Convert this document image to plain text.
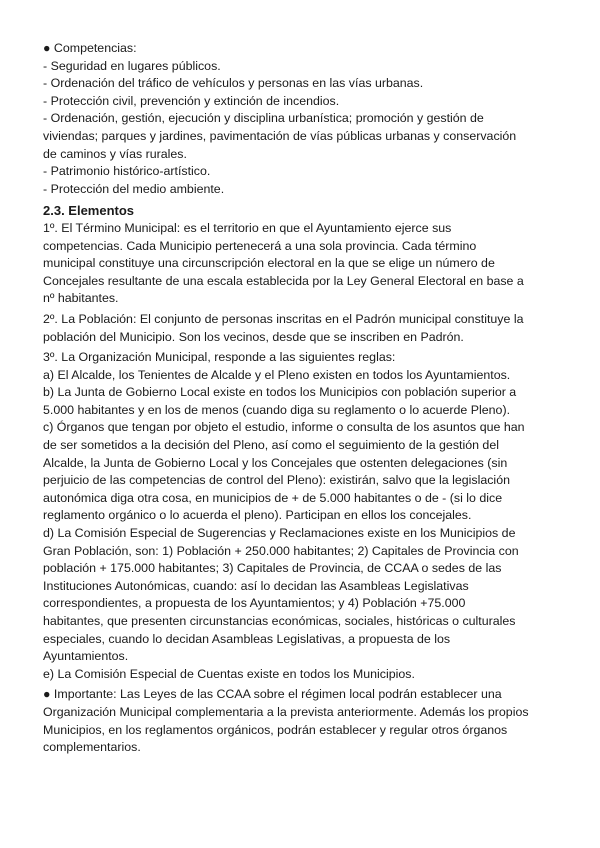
● Competencias:

- Seguridad en lugares públicos.

- Ordenación del tráfico de vehículos y personas en las vías urbanas.

- Protección civil, prevención y extinción de incendios.

- Ordenación, gestión, ejecución y disciplina urbanística; promoción y gestión de

viviendas; parques y jardines, pavimentación de vías públicas urbanas y conservación

de caminos y vías rurales.

- Patrimonio histórico-artístico.

- Protección del medio ambiente.

2.3. Elementos

1º. El Término Municipal: es el territorio en que el Ayuntamiento ejerce sus

competencias. Cada Municipio pertenecerá a una sola provincia. Cada término

municipal constituye una circunscripción electoral en la que se elige un número de

Concejales resultante de una escala establecida por la Ley General Electoral en base a

nº habitantes.

2º. La Población: El conjunto de personas inscritas en el Padrón municipal constituye la

población del Municipio. Son los vecinos, desde que se inscriben en Padrón.

3º. La Organización Municipal, responde a las siguientes reglas:

a) El Alcalde, los Tenientes de Alcalde y el Pleno existen en todos los Ayuntamientos.

b) La Junta de Gobierno Local existe en todos los Municipios con población superior a

5.000 habitantes y en los de menos (cuando diga su reglamento o lo acuerde Pleno).

c) Órganos que tengan por objeto el estudio, informe o consulta de los asuntos que han

de ser sometidos a la decisión del Pleno, así como el seguimiento de la gestión del

Alcalde, la Junta de Gobierno Local y los Concejales que ostenten delegaciones (sin

perjuicio de las competencias de control del Pleno): existirán, salvo que la legislación

autonómica diga otra cosa, en municipios de + de 5.000 habitantes o de - (si lo dice

reglamento orgánico o lo acuerda el pleno). Participan en ellos los concejales.

d) La Comisión Especial de Sugerencias y Reclamaciones existe en los Municipios de

Gran Población, son: 1) Población + 250.000 habitantes; 2) Capitales de Provincia con

población + 175.000 habitantes; 3) Capitales de Provincia, de CCAA o sedes de las

Instituciones Autonómicas, cuando: así lo decidan las Asambleas Legislativas

correspondientes, a propuesta de los Ayuntamientos; y 4) Población +75.000

habitantes, que presenten circunstancias económicas, sociales, históricas o culturales

especiales, cuando lo decidan Asambleas Legislativas, a propuesta de los

Ayuntamientos.

e) La Comisión Especial de Cuentas existe en todos los Municipios.

● Importante: Las Leyes de las CCAA sobre el régimen local podrán establecer una

Organización Municipal complementaria a la prevista anteriormente. Además los propios

Municipios, en los reglamentos orgánicos, podrán establecer y regular otros órganos

complementarios.
